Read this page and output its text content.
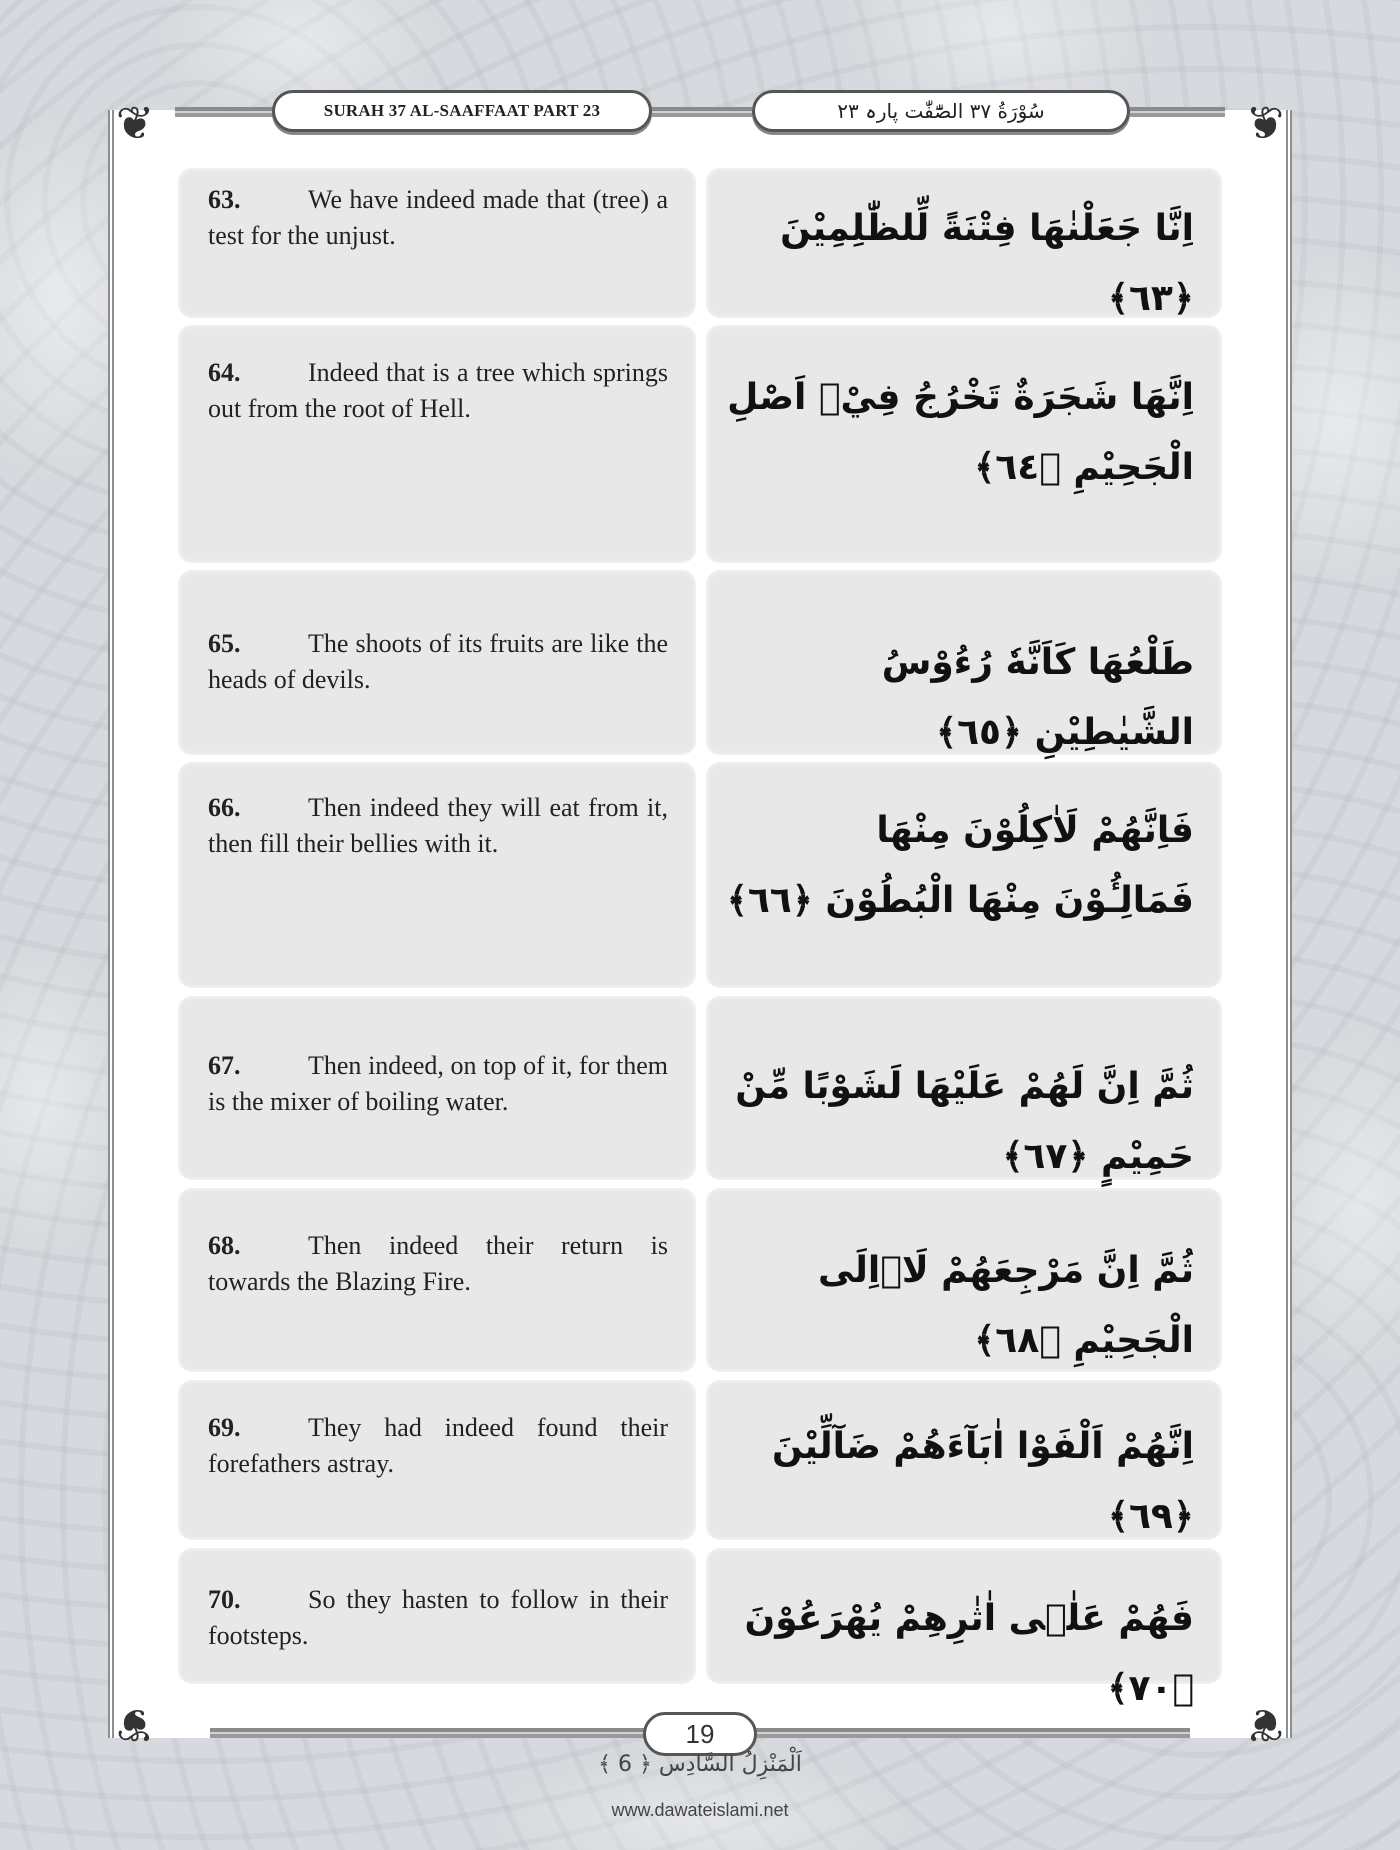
❦	❦
❦	❦
SURAH 37 AL-SAAFFAAT PART 23	سُوْرَةُ ٣٧ الصّٰٓفّٰت پارہ ٢٣
63.	We have indeed made that (tree) a test for the unjust.	اِنَّا جَعَلْنٰهَا فِتْنَةً لِّلظّٰلِمِيْنَ ﴿٦٣﴾
64.	Indeed that is a tree which springs out from the root of Hell.	اِنَّهَا شَجَرَةٌ تَخْرُجُ فِيْۤ اَصْلِ الْجَحِيْمِ ﴿٦٤﴾
65.	The shoots of its fruits are like the heads of devils.	طَلْعُهَا كَاَنَّهٗ رُءُوْسُ الشَّيٰطِيْنِ ﴿٦٥﴾
66.	Then indeed they will eat from it, then fill their bellies with it.	فَاِنَّهُمْ لَاٰكِلُوْنَ مِنْهَا فَمَالِـُٔوْنَ مِنْهَا الْبُطُوْنَ ﴿٦٦﴾
67.	Then indeed, on top of it, for them is the mixer of boiling water.	ثُمَّ اِنَّ لَهُمْ عَلَيْهَا لَشَوْبًا مِّنْ حَمِيْمٍ ﴿٦٧﴾
68.	Then indeed their return is towards the Blazing Fire.	ثُمَّ اِنَّ مَرْجِعَهُمْ لَاۡاِلَى الْجَحِيْمِ ﴿٦٨﴾
69.	They had indeed found their forefathers astray.	اِنَّهُمْ اَلْفَوْا اٰبَآءَهُمْ ضَآلِّيْنَ ﴿٦٩﴾
70.	So they hasten to follow in their footsteps.	فَهُمْ عَلٰۤى اٰثٰرِهِمْ يُهْرَعُوْنَ ﴿٧٠﴾
19
اَلْمَنْزِلُ السَّادِس ﴿ 6 ﴾
www.dawateislami.net
